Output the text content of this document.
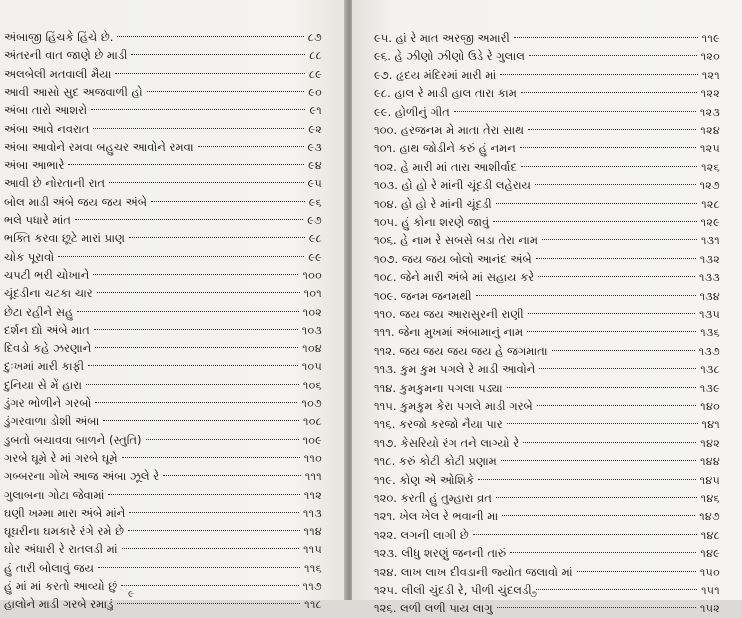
અંબાજી હિંચકે હિંચે છે.	૮૭
અંતરની વાત જાણે છે માડી	૮૮
અલબેલી મતવાલી મૈયા	૮૯
આવી આસો સુદ અજવાળી હો	૯૦
અંબા તારો આશરો	૯૧
અંબા આવે નવરાત	૯૨
અંબા આવોને રમવા બહુચર આવોને રમવા	૯૩
અંબા આભારે	૯૪
આવી છે નોરતાની રાત	૯૫
બોલ માડી અંબે જય જય અંબે	૯૬
ભલે પધારે માંત	૯૭
ભક્તિ કરવા છૂટે મારાં પ્રાણ	૯૮
ચોક પૂરાવો	૯૯
ચપટી ભરી ચોખાને	૧૦૦
ચૂંદડીના ચટકા ચાર	૧૦૧
છેટા રહીને સહુ	૧૦૨
દર્શન દ્યો અંબે માત	૧૦૩
દિવડો કહે ઝરણાને	૧૦૪
દુઃખમાં મારી કાફી	૧૦૫
દુનિયા સે મેં હારા	૧૦૬
ડુંગર ભોળીને ગરબો	૧૦૭
ડુંગરવાળા ડોશી અંબા	૧૦૮
ડુબતો બચાવવા બાળને (સ્તુતિ)	૧૦૯
ગરબે ઘૂમે રે માં ગરબે ઘૂમે	૧૧૦
ગબ્બરના ગોખે આજ અંબા ઝૂલે રે	૧૧૧
ગુલાબના ગોટા જેવામાં	૧૧૨
ઘણી ખમ્મા મારા અંબે માંને	૧૧૩
ઘૂઘરીના ઘમકારે રંગે રમે છે	૧૧૪
ઘોર અંધારી રે રાતલડી માં	૧૧૫
હું તારી બોલાવું જય	૧૧૬
હું માં માં કરતો આવ્યો છું	૧૧૭
હાલોને માડી ગરબે રમાડું	૧૧૮
૯
૯૫. હાં રે માત અરજી અમારી	૧૧૯
૯૬. હે ઝીણો ઝીણો ઉડે રે ગુલાલ	૧૨૦
૯૭. હૃદય મંદિરમાં મારી માં	૧૨૧
૯૮. હાલ રે માડી હાલ તારા કામ	૧૨૨
૯૯. હોળીનું ગીત	૧૨૩
૧૦૦. હરજનમ મે માતા તેરા સાથ	૧૨૪
૧૦૧. હાથ જોડીને કરું હું નમન	૧૨૫
૧૦૨. હે મારી માં તારા આશીર્વાદ	૧૨૬
૧૦૩. હો હો રે માંની ચૂંદડી લહેરાય	૧૨૭
૧૦૪. હો હો રે માંની ચૂંદડી	૧૨૮
૧૦૫. હું કોના શરણે જાવું	૧૨૯
૧૦૬. હે નામ રે સબસે બડા તેરા નામ	૧૩૧
૧૦૭. જય જય બોલો આનંદ અંબે	૧૩૨
૧૦૮. જેને મારી અંબે માં સહાય કરે	૧૩૩
૧૦૯. જનમ જનમથી	૧૩૪
૧૧૦. જય જય આરાસુરની રાણી	૧૩૫
૧૧૧. જેના મુખમાં અંબામાનું નામ	૧૩૬
૧૧૨. જય જય જય જય હે જગમાતા	૧૩૭
૧૧૩. કુમ કુમ પગલે રે માડી આવોને	૧૩૮
૧૧૪. કુમકુમના પગલા પડ્યા	૧૩૯
૧૧૫. કુમકુમ કેરા પગલે માડી ગરબે	૧૪૦
૧૧૬. કરજો કરજો નૈયા પાર	૧૪૧
૧૧૭. કેસરિયો રંગ તને લાગ્યો રે	૧૪૨
૧૧૮. કરું કોટી કોટી પ્રણામ	૧૪૪
૧૧૯. કોણ એ ઓશિકે	૧૪૫
૧૨૦. કરતી હું તુમ્હારા વ્રત	૧૪૬
૧૨૧. ખેલ ખેલ રે ભવાની મા	૧૪૭
૧૨૨. લગની લાગી છે	૧૪૮
૧૨૩. લીધુ શરણું જનની તારું	૧૪૯
૧૨૪. લાખ લાખ દીવડાની જ્યોત જલાવો માં	૧૫૦
૧૨૫. લીલી ચુંદડી રે, પીળી ચુંદલડી	૧૫૧
૧૨૬. લળી લળી પાય લાગુ	૧૫૨
૭
